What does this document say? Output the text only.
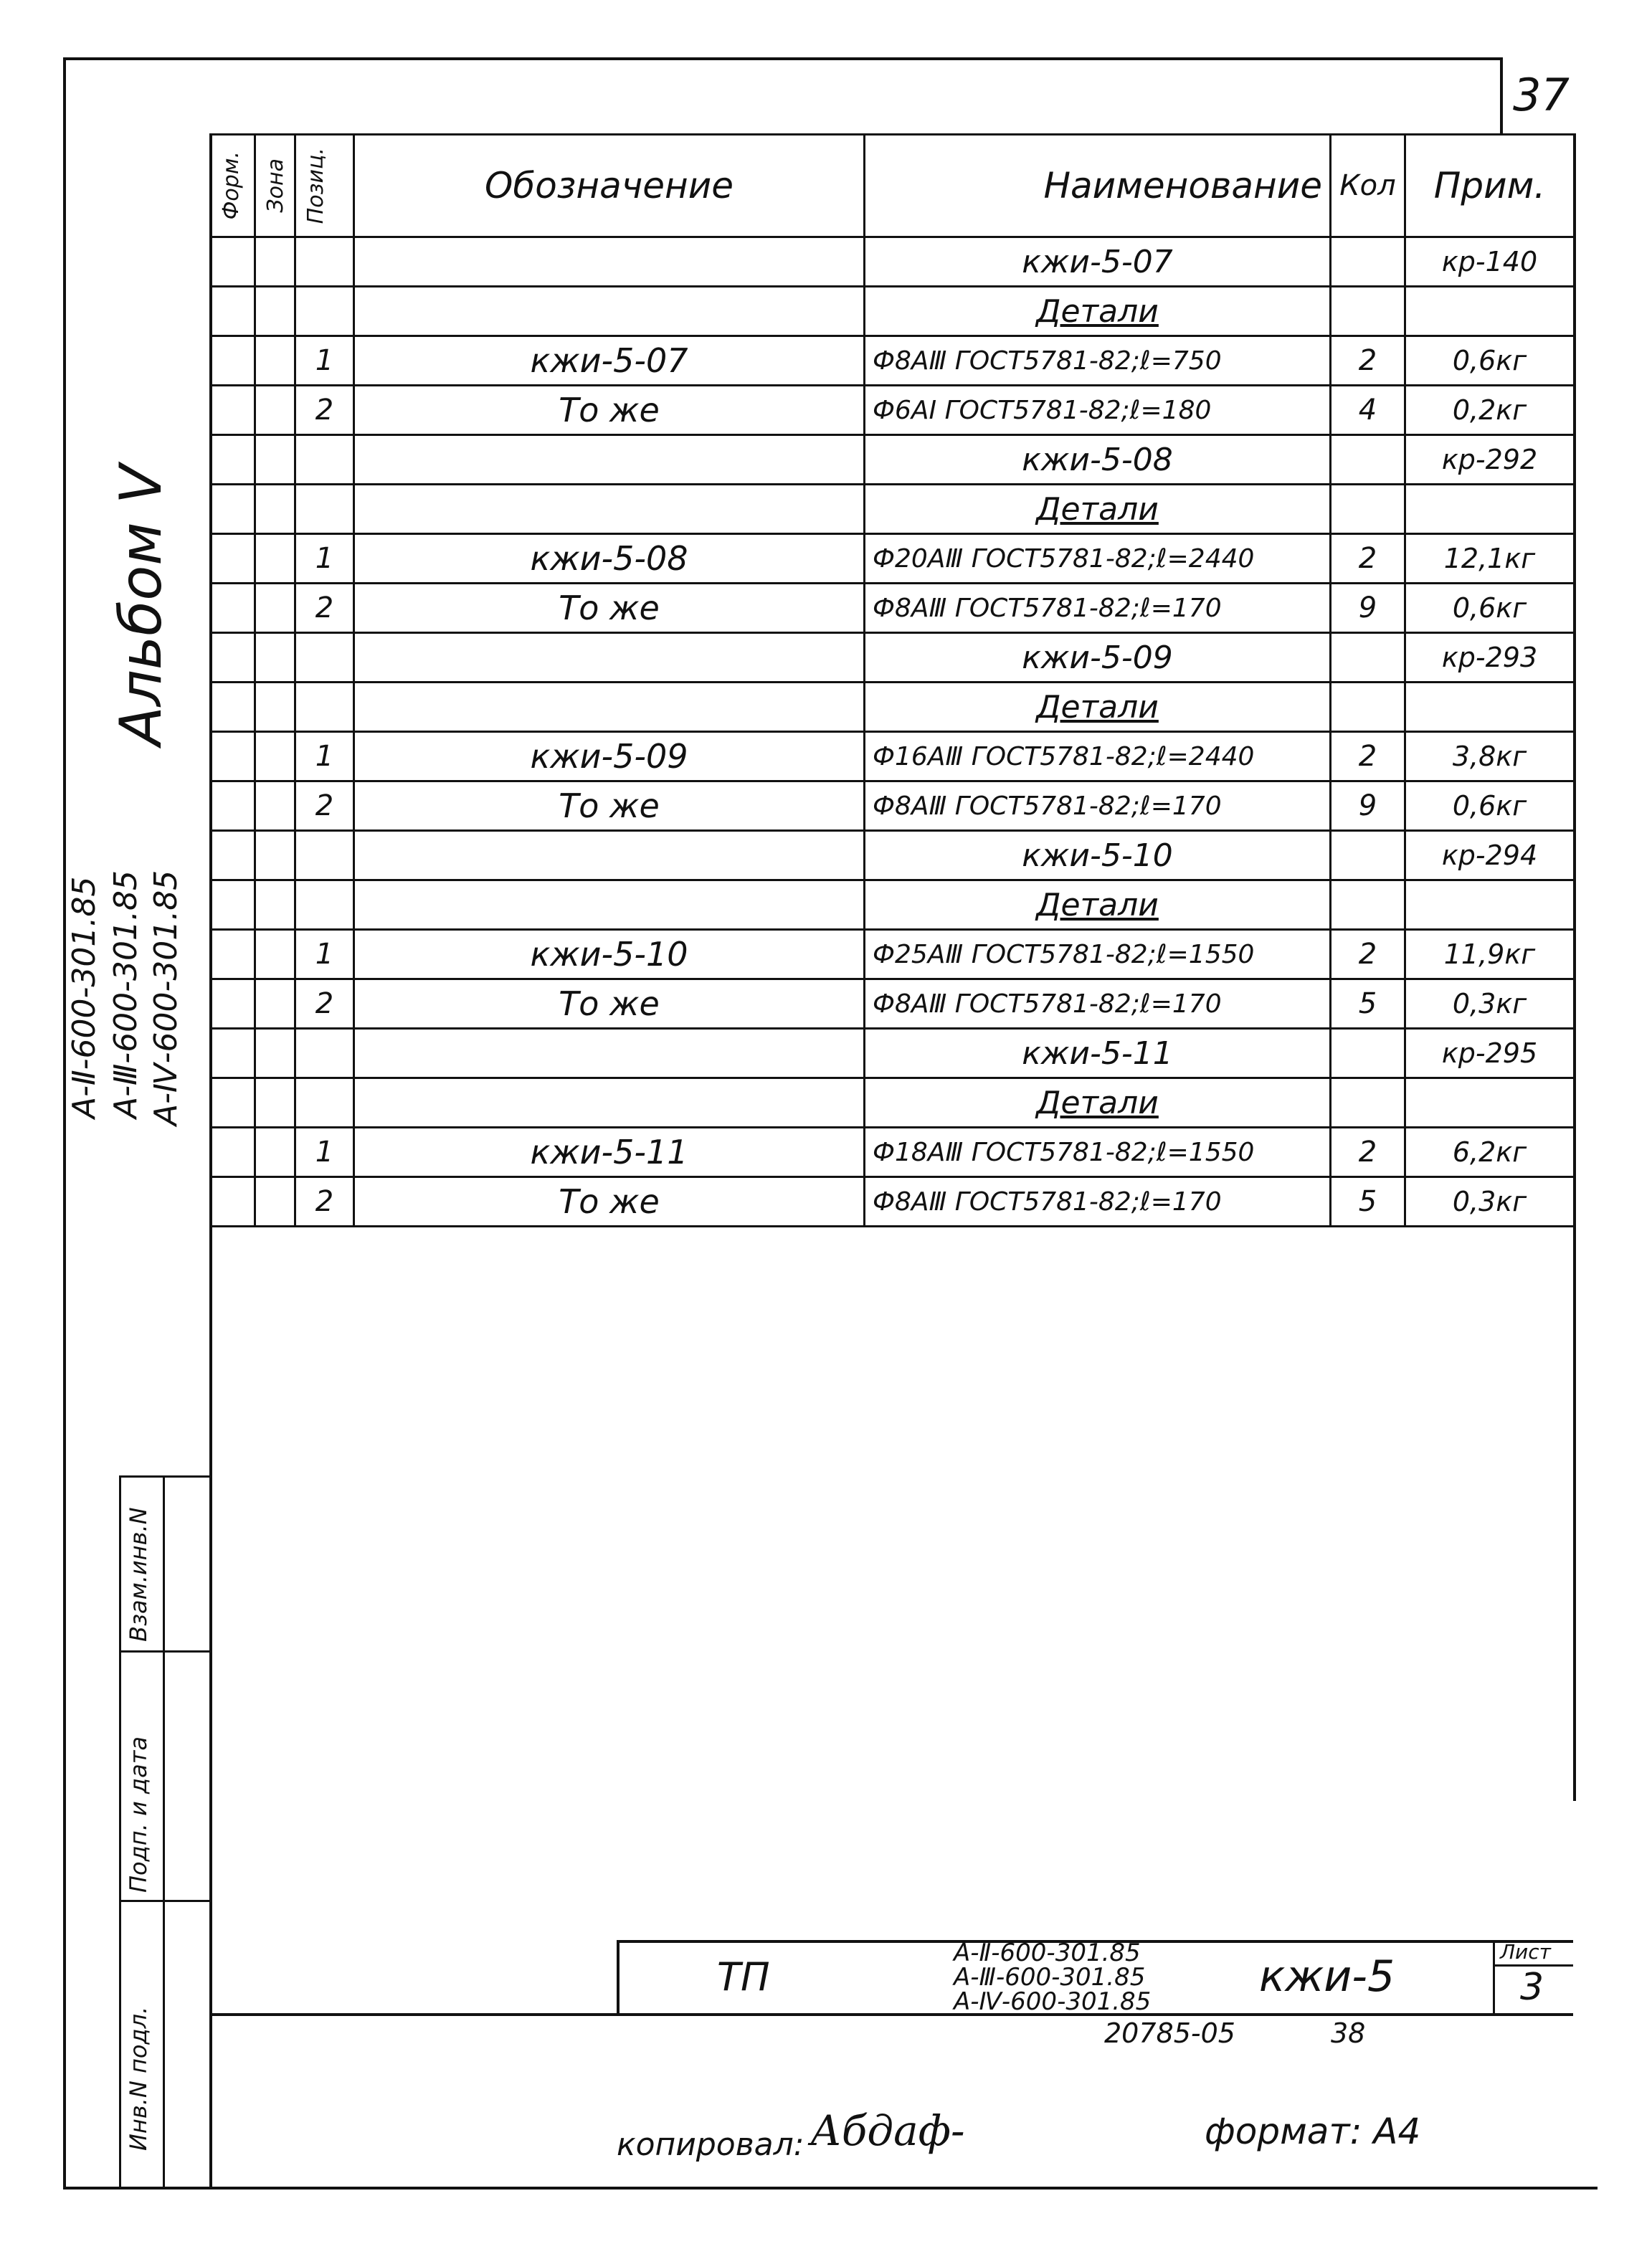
37
Форм.	Зона	Позиц.	Обозначение	Наименование	Кол	Прим.
				кжи-5-07		кр-140
				Детали		
		1	кжи-5-07	Ф8АⅢ ГОСТ5781-82;ℓ=750	2	0,6кг
		2	То же	Ф6АI ГОСТ5781-82;ℓ=180	4	0,2кг
				кжи-5-08		кр-292
				Детали		
		1	кжи-5-08	Ф20АⅢ ГОСТ5781-82;ℓ=2440	2	12,1кг
		2	То же	Ф8АⅢ ГОСТ5781-82;ℓ=170	9	0,6кг
				кжи-5-09		кр-293
				Детали		
		1	кжи-5-09	Ф16АⅢ ГОСТ5781-82;ℓ=2440	2	3,8кг
		2	То же	Ф8АⅢ ГОСТ5781-82;ℓ=170	9	0,6кг
				кжи-5-10		кр-294
				Детали		
		1	кжи-5-10	Ф25АⅢ ГОСТ5781-82;ℓ=1550	2	11,9кг
		2	То же	Ф8АⅢ ГОСТ5781-82;ℓ=170	5	0,3кг
				кжи-5-11		кр-295
				Детали		
		1	кжи-5-11	Ф18АⅢ ГОСТ5781-82;ℓ=1550	2	6,2кг
		2	То же	Ф8АⅢ ГОСТ5781-82;ℓ=170	5	0,3кг
Альбом Ⅴ
А-Ⅱ-600-301.85 А-Ⅲ-600-301.85 А-Ⅳ-600-301.85
Взам.инв.N
Подп. и дата
Инв.N подл.
ТП
А-Ⅱ-600-301.85
А-Ⅲ-600-301.85
А-Ⅳ-600-301.85	кжи-5	Лист
3
20785-05	38
копировал: Абдаф-	формат: А4
